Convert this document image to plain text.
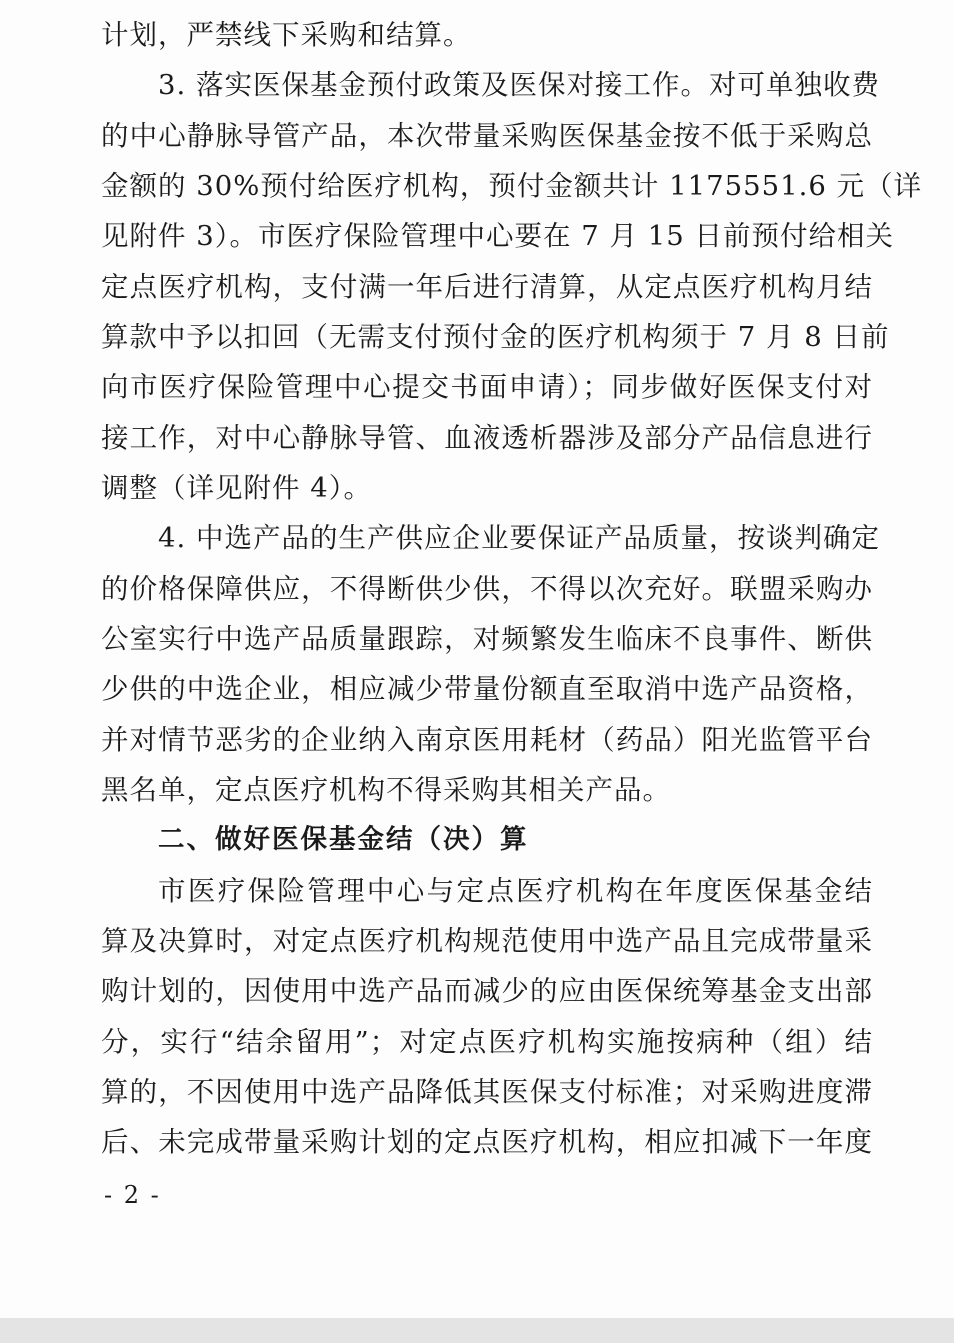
计划，严禁线下采购和结算。
3. 落实医保基金预付政策及医保对接工作。对可单独收费
的中心静脉导管产品，本次带量采购医保基金按不低于采购总
金额的 30%预付给医疗机构，预付金额共计 1175551.6 元（详
见附件 3）。市医疗保险管理中心要在 7 月 15 日前预付给相关
定点医疗机构，支付满一年后进行清算，从定点医疗机构月结
算款中予以扣回（无需支付预付金的医疗机构须于 7 月 8 日前
向市医疗保险管理中心提交书面申请）；同步做好医保支付对
接工作，对中心静脉导管、血液透析器涉及部分产品信息进行
调整（详见附件 4）。
4. 中选产品的生产供应企业要保证产品质量，按谈判确定
的价格保障供应，不得断供少供，不得以次充好。联盟采购办
公室实行中选产品质量跟踪，对频繁发生临床不良事件、断供
少供的中选企业，相应减少带量份额直至取消中选产品资格，
并对情节恶劣的企业纳入南京医用耗材（药品）阳光监管平台
黑名单，定点医疗机构不得采购其相关产品。
二、做好医保基金结（决）算
市医疗保险管理中心与定点医疗机构在年度医保基金结
算及决算时，对定点医疗机构规范使用中选产品且完成带量采
购计划的，因使用中选产品而减少的应由医保统筹基金支出部
分，实行“结余留用”；对定点医疗机构实施按病种（组）结
算的，不因使用中选产品降低其医保支付标准；对采购进度滞
后、未完成带量采购计划的定点医疗机构，相应扣减下一年度
- 2 -
